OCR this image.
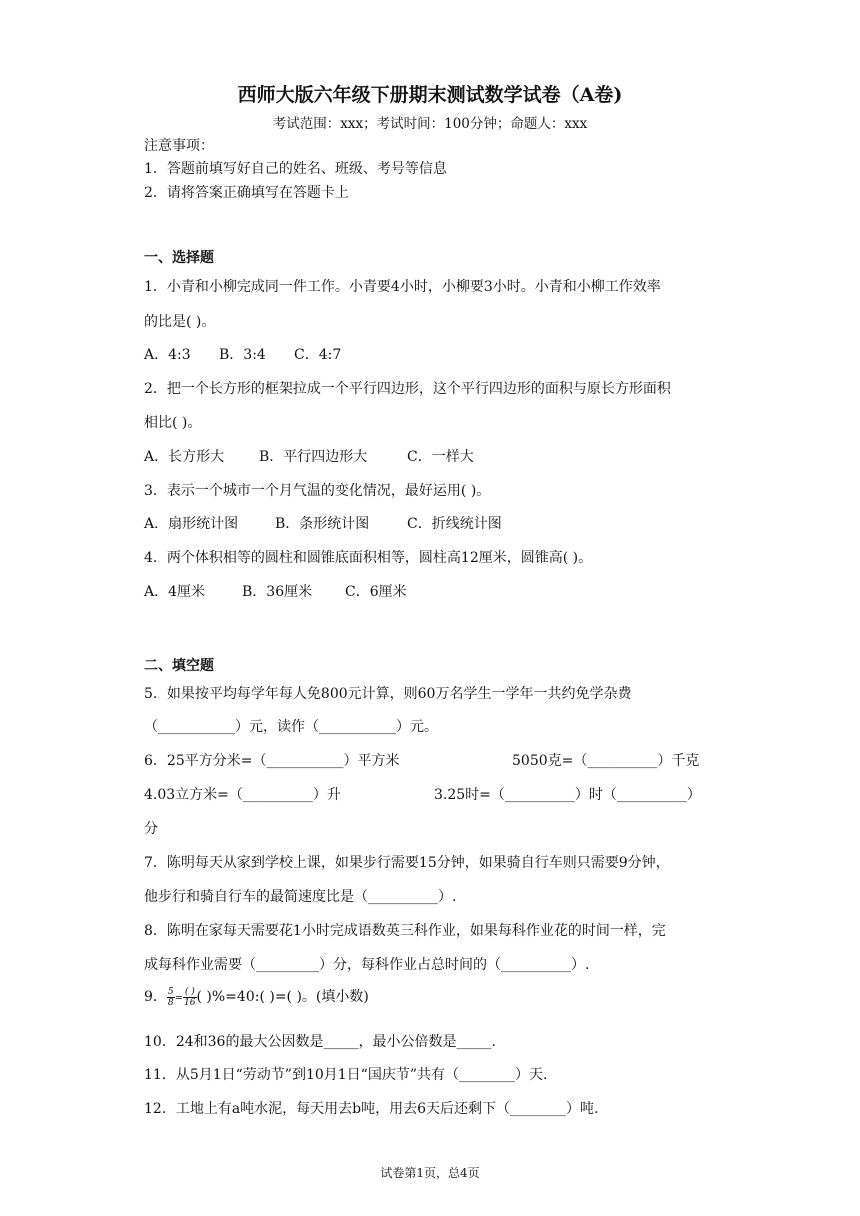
西师大版六年级下册期末测试数学试卷（A卷)
考试范围：xxx；考试时间：100分钟；命题人：xxx
注意事项：
1．答题前填写好自己的姓名、班级、考号等信息
2．请将答案正确填写在答题卡上
一、选择题
1．小青和小柳完成同一件工作。小青要4小时，小柳要3小时。小青和小柳工作效率
的比是( )。
A．4:3 B．3:4 C．4:7
2．把一个长方形的框架拉成一个平行四边形，这个平行四边形的面积与原长方形面积
相比( )。
A．长方形大 B．平行四边形大	C．一样大
3．表示一个城市一个月气温的变化情况，最好运用( )。
A．扇形统计图	B．条形统计图	C．折线统计图
4．两个体积相等的圆柱和圆锥底面积相等，圆柱高12厘米，圆锥高( )。
A．4厘米	B．36厘米 C．6厘米
二、填空题
5．如果按平均每学年每人免800元计算，则60万名学生一学年一共约免学杂费
（___________）元，读作（___________）元。
6．25平方分米=（___________）平方米	5050克=（__________）千克
4.03立方米=（__________）升	3.25时=（__________）时（__________）
分
7．陈明每天从家到学校上课，如果步行需要15分钟，如果骑自行车则只需要9分钟，
他步行和骑自行车的最简速度比是（__________）.
8．陈明在家每天需要花1小时完成语数英三科作业，如果每科作业花的时间一样，完
成每科作业需要（_________）分，每科作业占总时间的（__________）.
9． $\frac{5}{8} = \frac{( )}{16}$ ( )%=40:( )=( )。(填小数)
10．24和36的最大公因数是_____，最小公倍数是_____.
11．从5月1日“劳动节”到10月1日“国庆节”共有（________）天.
12．工地上有a吨水泥，每天用去b吨，用去6天后还剩下（________）吨.
试卷第1页，总4页
